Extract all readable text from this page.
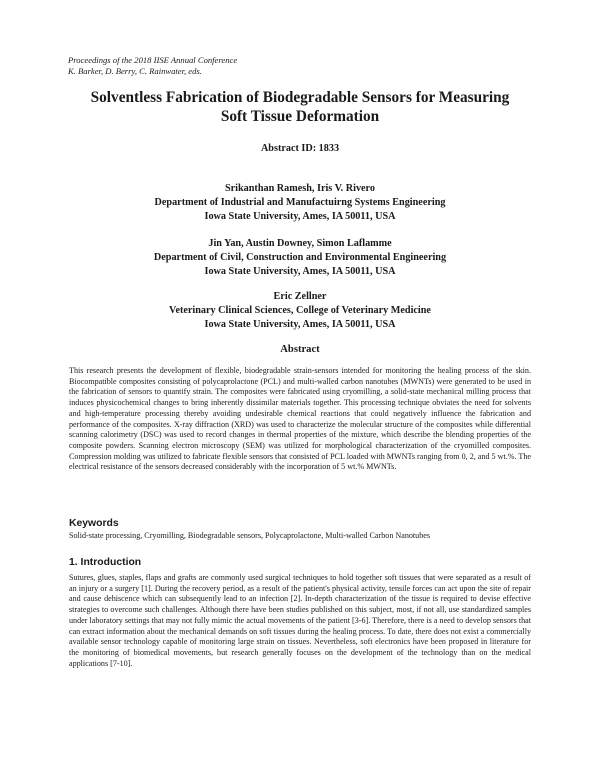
Proceedings of the 2018 IISE Annual Conference
K. Barker, D. Berry, C. Rainwater, eds.
Solventless Fabrication of Biodegradable Sensors for Measuring
Soft Tissue Deformation
Abstract ID: 1833
Srikanthan Ramesh, Iris V. Rivero
Department of Industrial and Manufactuirng Systems Engineering
Iowa State University, Ames, IA 50011, USA
Jin Yan, Austin Downey, Simon Laflamme
Department of Civil, Construction and Environmental Engineering
Iowa State University, Ames, IA 50011, USA
Eric Zellner
Veterinary Clinical Sciences, College of Veterinary Medicine
Iowa State University, Ames, IA 50011, USA
Abstract
This research presents the development of flexible, biodegradable strain-sensors intended for monitoring the healing process of the skin. Biocompatible composites consisting of polycaprolactone (PCL) and multi-walled carbon nanotubes (MWNTs) were generated to be used in the fabrication of sensors to quantify strain. The composites were fabricated using cryomilling, a solid-state mechanical milling process that induces physicochemical changes to bring inherently dissimilar materials together. This processing technique obviates the need for solvents and high-temperature processing thereby avoiding undesirable chemical reactions that could negatively influence the fabrication and performance of the composites. X-ray diffraction (XRD) was used to characterize the molecular structure of the composites while differential scanning calorimetry (DSC) was used to record changes in thermal properties of the mixture, which describe the blending properties of the composite powders. Scanning electron microscopy (SEM) was utilized for morphological characterization of the cryomilled composites. Compression molding was utilized to fabricate flexible sensors that consisted of PCL loaded with MWNTs ranging from 0, 2, and 5 wt.%. The electrical resistance of the sensors decreased considerably with the incorporation of 5 wt.% MWNTs.
Keywords
Solid-state processing, Cryomilling, Biodegradable sensors, Polycaprolactone, Multi-walled Carbon Nanotubes
1. Introduction
Sutures, glues, staples, flaps and grafts are commonly used surgical techniques to hold together soft tissues that were separated as a result of an injury or a surgery [1]. During the recovery period, as a result of the patient's physical activity, tensile forces can act upon the site of repair and cause dehiscence which can subsequently lead to an infection [2]. In-depth characterization of the tissue is required to devise effective strategies to overcome such challenges. Although there have been studies published on this subject, most, if not all, use standardized samples under laboratory settings that may not fully mimic the actual movements of the patient [3-6]. Therefore, there is a need to develop sensors that can extract information about the mechanical demands on soft tissues during the healing process. To date, there does not exist a commercially available sensor technology capable of monitoring large strain on tissues. Nevertheless, soft electronics have been proposed in literature for the monitoring of biomedical movements, but research generally focuses on the development of the technology than on the medical applications [7-10].
